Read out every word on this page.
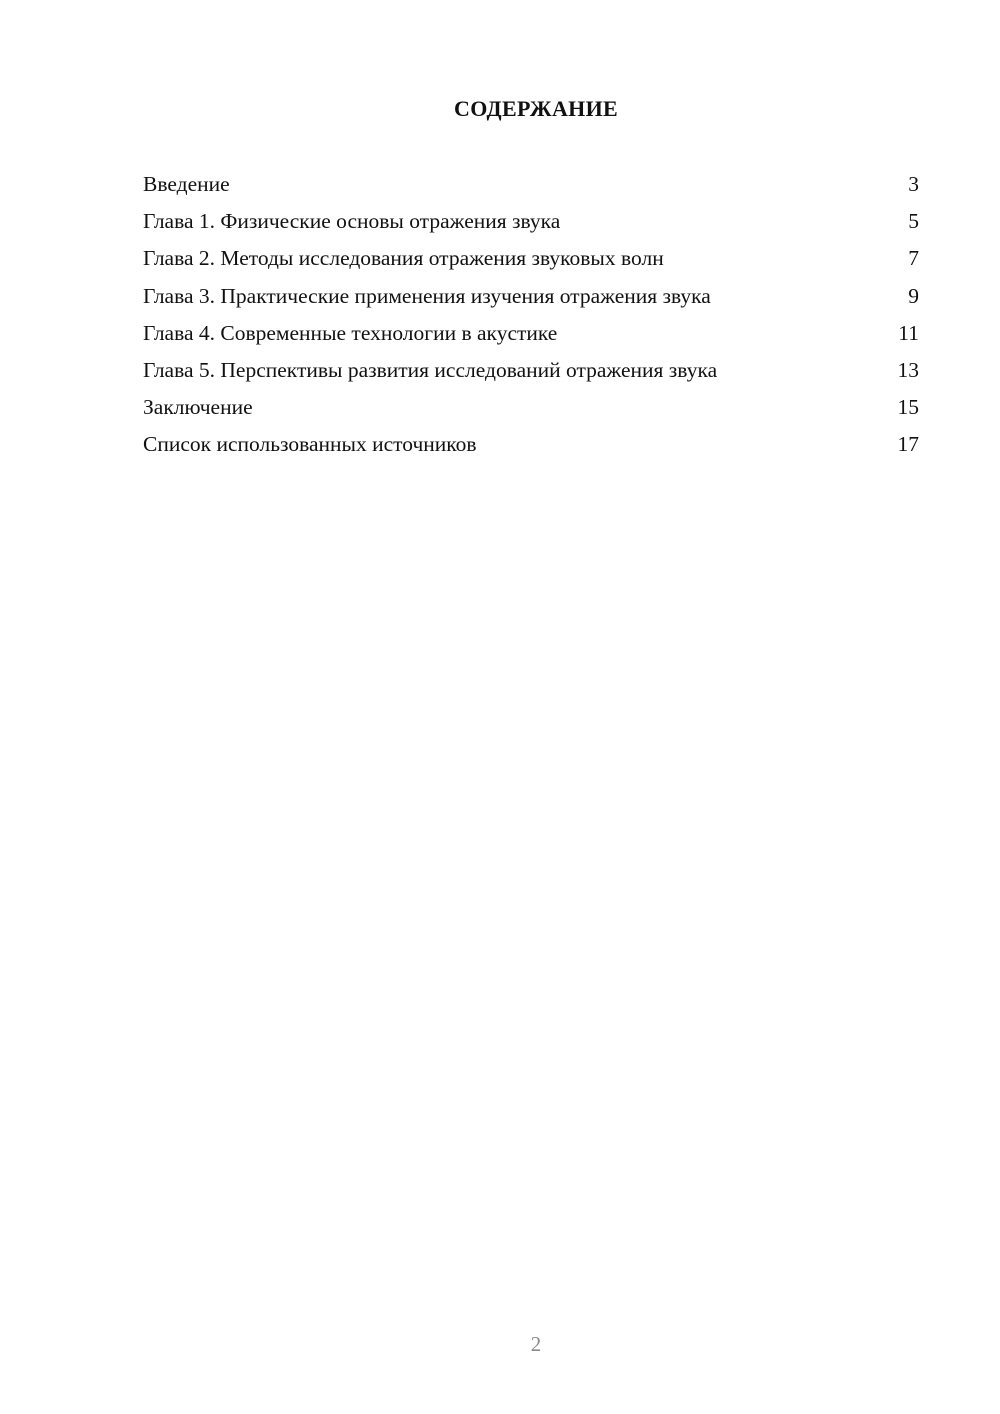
СОДЕРЖАНИЕ
Введение	3
Глава 1. Физические основы отражения звука	5
Глава 2. Методы исследования отражения звуковых волн	7
Глава 3. Практические применения изучения отражения звука	9
Глава 4. Современные технологии в акустике	11
Глава 5. Перспективы развития исследований отражения звука	13
Заключение	15
Список использованных источников	17
2
